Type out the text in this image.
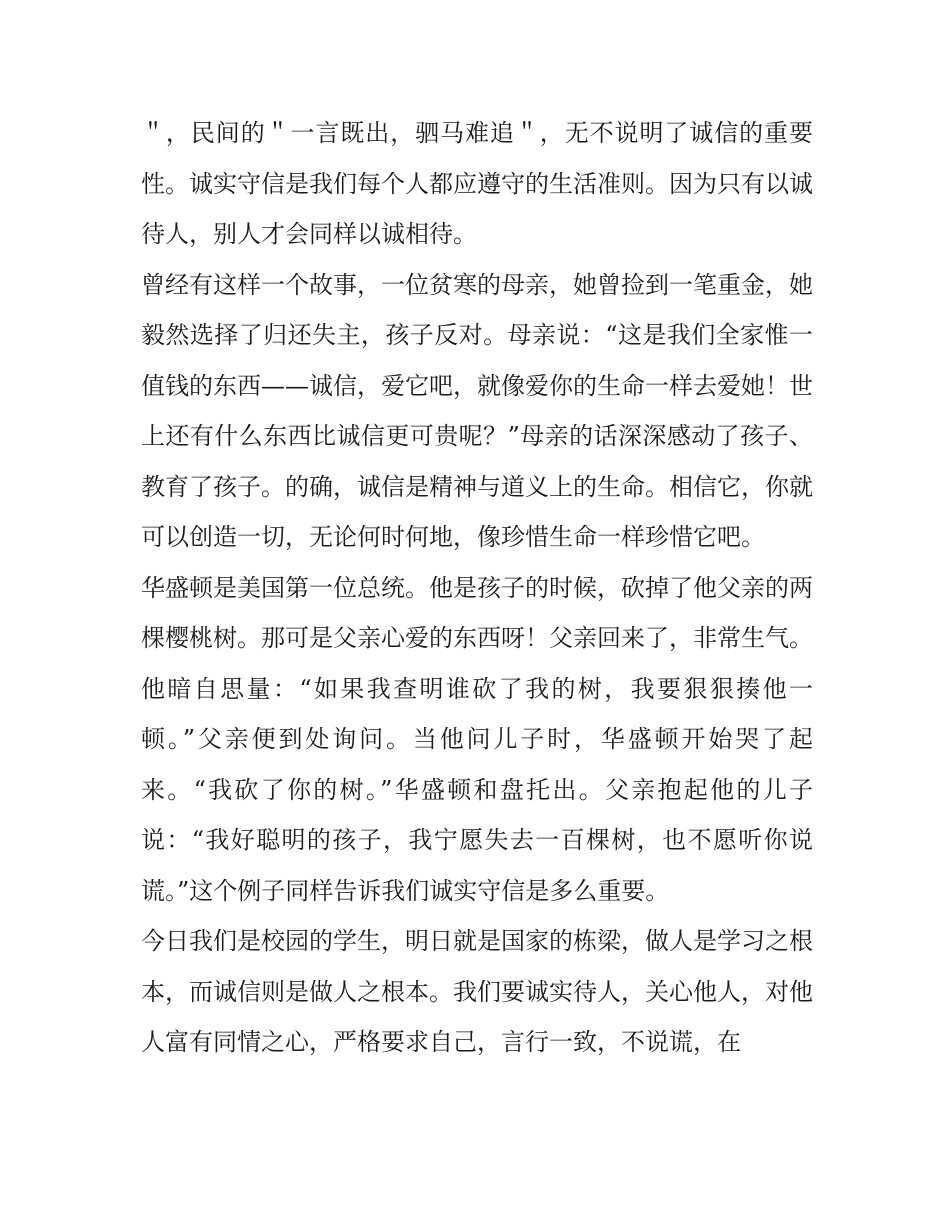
＂，民间的＂一言既出，驷马难追＂，无不说明了诚信的重要性。诚实守信是我们每个人都应遵守的生活准则。因为只有以诚待人，别人才会同样以诚相待。

曾经有这样一个故事，一位贫寒的母亲，她曾捡到一笔重金，她毅然选择了归还失主，孩子反对。母亲说：“这是我们全家惟一值钱的东西——诚信，爱它吧，就像爱你的生命一样去爱她！世上还有什么东西比诚信更可贵呢？”母亲的话深深感动了孩子、教育了孩子。的确，诚信是精神与道义上的生命。相信它，你就可以创造一切，无论何时何地，像珍惜生命一样珍惜它吧。

华盛顿是美国第一位总统。他是孩子的时候，砍掉了他父亲的两棵樱桃树。那可是父亲心爱的东西呀！父亲回来了，非常生气。他暗自思量：“如果我查明谁砍了我的树，我要狠狠揍他一顿。”父亲便到处询问。当他问儿子时，华盛顿开始哭了起来。“我砍了你的树。”华盛顿和盘托出。父亲抱起他的儿子说：“我好聪明的孩子，我宁愿失去一百棵树，也不愿听你说谎。”这个例子同样告诉我们诚实守信是多么重要。

今日我们是校园的学生，明日就是国家的栋梁，做人是学习之根本，而诚信则是做人之根本。我们要诚实待人，关心他人，对他人富有同情之心，严格要求自己，言行一致，不说谎，在
